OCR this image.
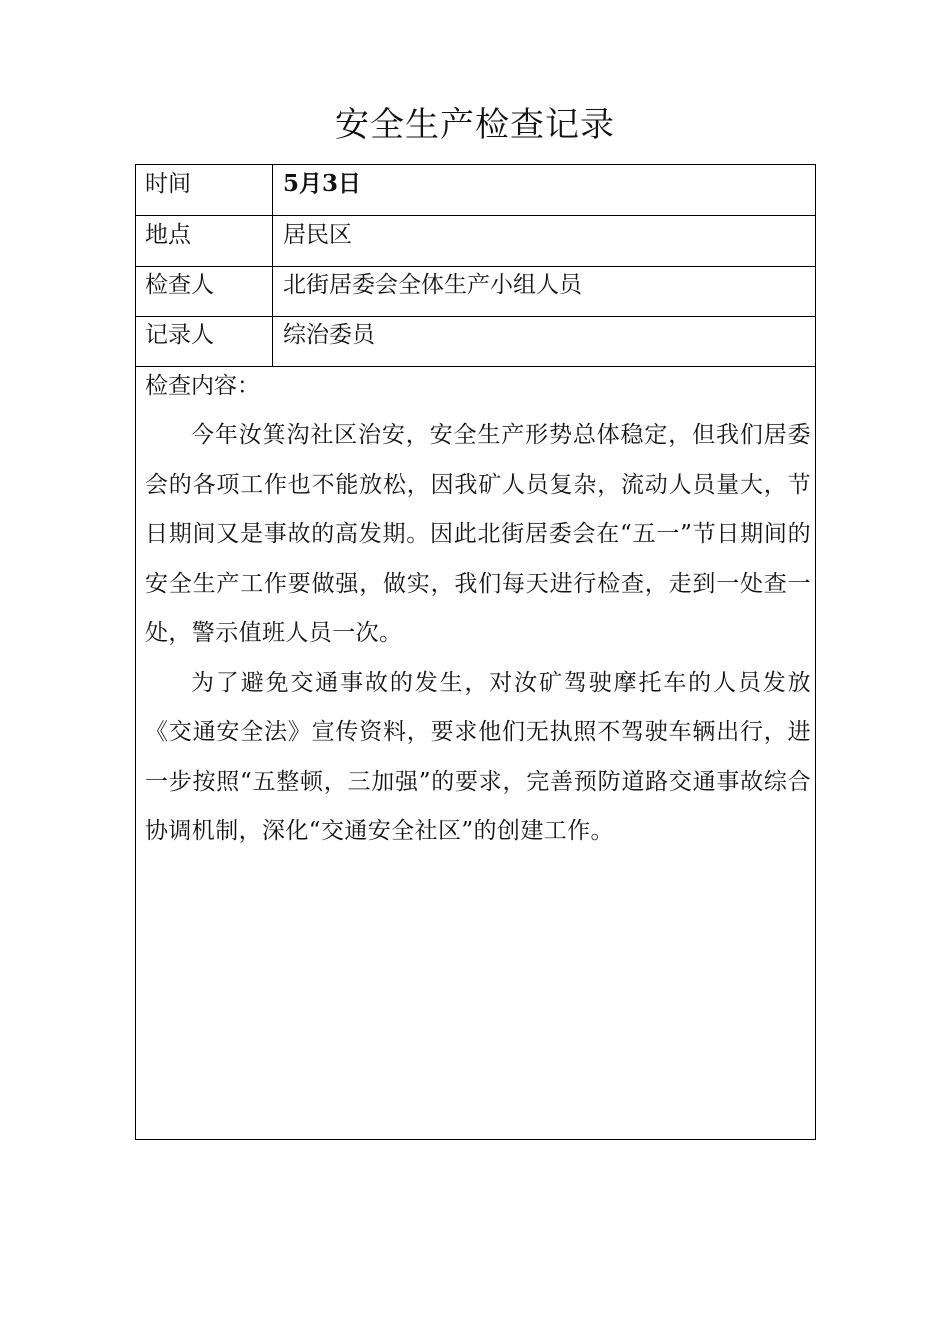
安全生产检查记录
时间	5月3日
地点	居民区
检查人	北街居委会全体生产小组人员
记录人	综治委员
检查内容：

今年汝箕沟社区治安，安全生产形势总体稳定，但我们居委会的各项工作也不能放松，因我矿人员复杂，流动人员量大，节日期间又是事故的高发期。因此北街居委会在“五一”节日期间的安全生产工作要做强，做实，我们每天进行检查，走到一处查一处，警示值班人员一次。

为了避免交通事故的发生，对汝矿驾驶摩托车的人员发放《交通安全法》宣传资料，要求他们无执照不驾驶车辆出行，进一步按照“五整顿，三加强”的要求，完善预防道路交通事故综合协调机制，深化“交通安全社区”的创建工作。
